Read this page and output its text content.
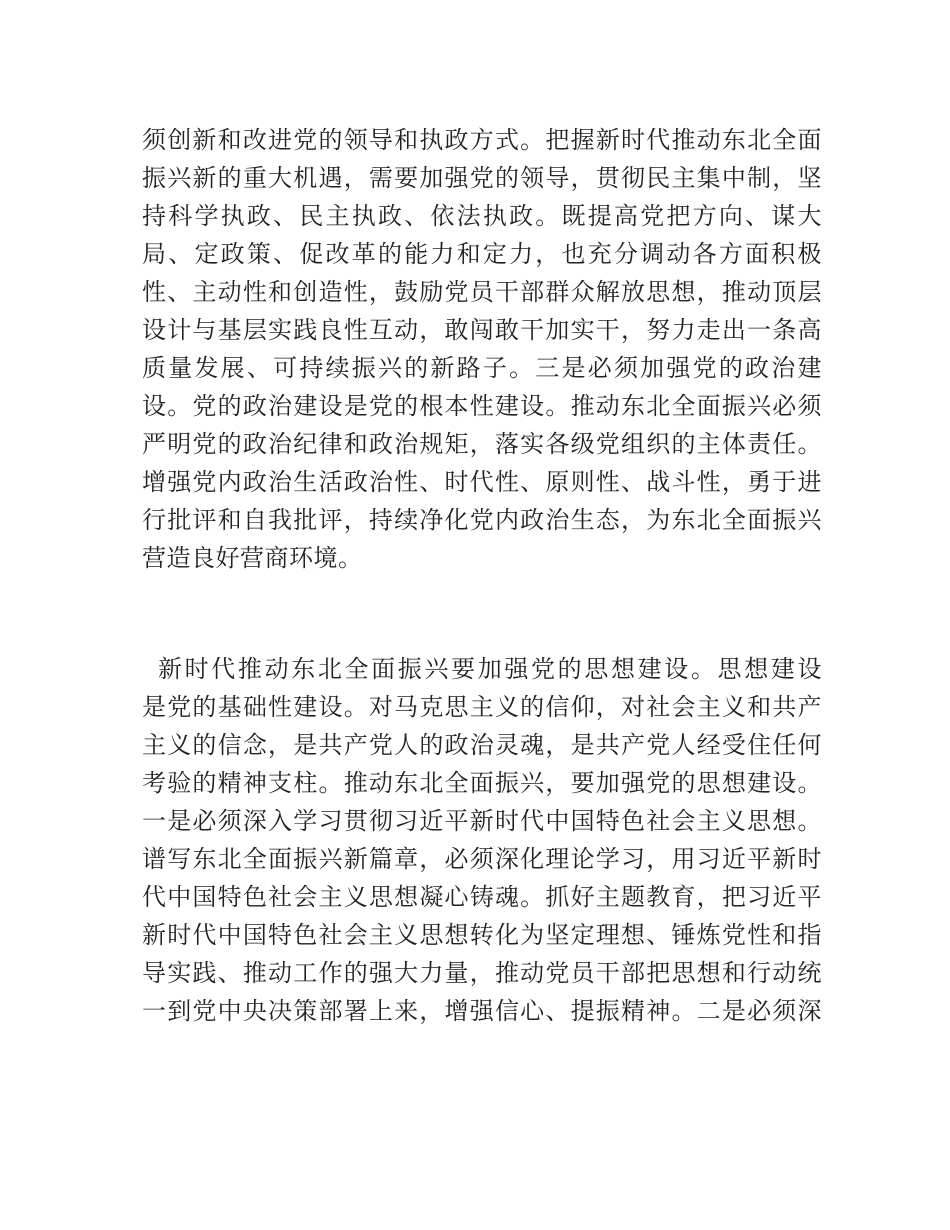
须创新和改进党的领导和执政方式。把握新时代推动东北全面
振兴新的重大机遇，需要加强党的领导，贯彻民主集中制，坚
持科学执政、民主执政、依法执政。既提高党把方向、谋大
局、定政策、促改革的能力和定力，也充分调动各方面积极
性、主动性和创造性，鼓励党员干部群众解放思想，推动顶层
设计与基层实践良性互动，敢闯敢干加实干，努力走出一条高
质量发展、可持续振兴的新路子。三是必须加强党的政治建
设。党的政治建设是党的根本性建设。推动东北全面振兴必须
严明党的政治纪律和政治规矩，落实各级党组织的主体责任。
增强党内政治生活政治性、时代性、原则性、战斗性，勇于进
行批评和自我批评，持续净化党内政治生态，为东北全面振兴
营造良好营商环境。
新时代推动东北全面振兴要加强党的思想建设。思想建设
是党的基础性建设。对马克思主义的信仰，对社会主义和共产
主义的信念，是共产党人的政治灵魂，是共产党人经受住任何
考验的精神支柱。推动东北全面振兴，要加强党的思想建设。
一是必须深入学习贯彻习近平新时代中国特色社会主义思想。
谱写东北全面振兴新篇章，必须深化理论学习，用习近平新时
代中国特色社会主义思想凝心铸魂。抓好主题教育，把习近平
新时代中国特色社会主义思想转化为坚定理想、锤炼党性和指
导实践、推动工作的强大力量，推动党员干部把思想和行动统
一到党中央决策部署上来，增强信心、提振精神。二是必须深
